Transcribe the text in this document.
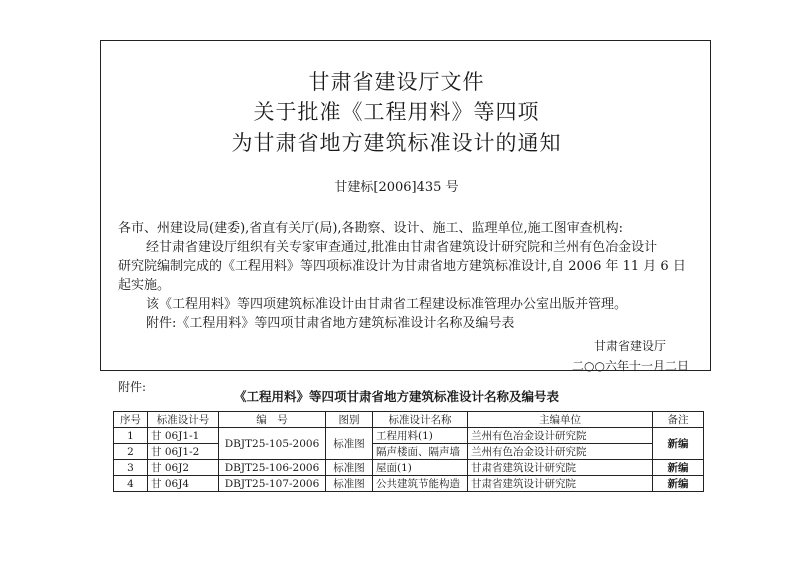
甘肃省建设厅文件
关于批准《工程用料》等四项
为甘肃省地方建筑标准设计的通知
甘建标[2006]435 号
各市、州建设局(建委),省直有关厅(局),各勘察、设计、施工、监理单位,施工图审查机构:
经甘肃省建设厅组织有关专家审查通过,批准由甘肃省建筑设计研究院和兰州有色冶金设计
研究院编制完成的《工程用料》等四项标准设计为甘肃省地方建筑标准设计,自 2006 年 11 月 6 日
起实施。
该《工程用料》等四项建筑标准设计由甘肃省工程建设标准管理办公室出版并管理。
附件:《工程用料》等四项甘肃省地方建筑标准设计名称及编号表
甘肃省建设厅
二○○六年十一月二日
附件:
《工程用料》等四项甘肃省地方建筑标准设计名称及编号表
序号	标准设计号	编　号	图别	标准设计名称	主编单位	备注
1	甘 06J1-1	DBJT25-105-2006	标准图	工程用料(1)	兰州有色冶金设计研究院	新编
2	甘 06J1-2			隔声楼面、隔声墙	兰州有色冶金设计研究院	
3	甘 06J2	DBJT25-106-2006	标准图	屋面(1)	甘肃省建筑设计研究院	新编
4	甘 06J4	DBJT25-107-2006	标准图	公共建筑节能构造	甘肃省建筑设计研究院	新编
